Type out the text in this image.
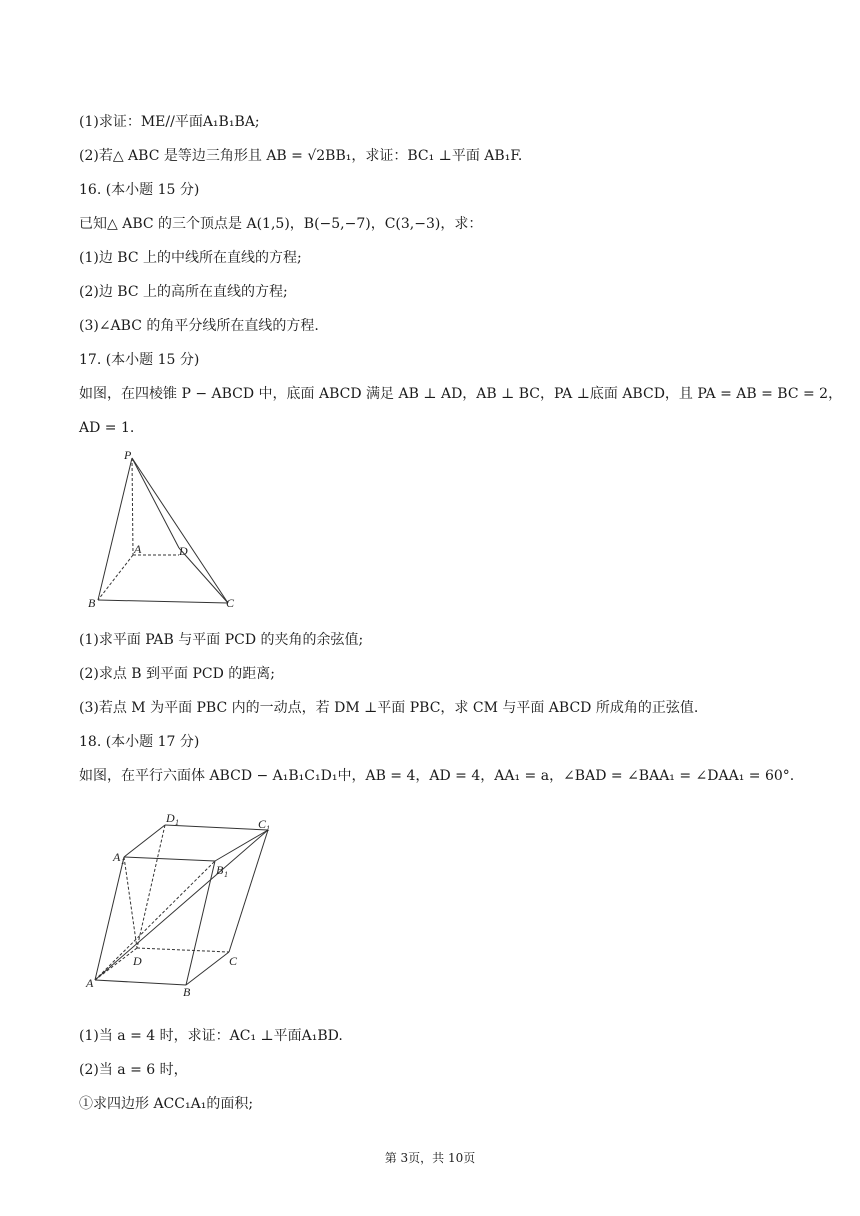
(1)求证：ME//平面A₁B₁BA;
(2)若△ ABC 是等边三角形且 AB = √2BB₁，求证：BC₁ ⊥平面 AB₁F.
16. (本小题 15 分)
已知△ ABC 的三个顶点是 A(1,5)，B(−5,−7)，C(3,−3)，求：
(1)边 BC 上的中线所在直线的方程;
(2)边 BC 上的高所在直线的方程;
(3)∠ABC 的角平分线所在直线的方程.
17. (本小题 15 分)
如图，在四棱锥 P − ABCD 中，底面 ABCD 满足 AB ⊥ AD，AB ⊥ BC，PA ⊥底面 ABCD，且 PA = AB = BC = 2，
AD = 1.
P
A	D
B	C
(1)求平面 PAB 与平面 PCD 的夹角的余弦值;
(2)求点 B 到平面 PCD 的距离;
(3)若点 M 为平面 PBC 内的一动点，若 DM ⊥平面 PBC，求 CM 与平面 ABCD 所成角的正弦值.
18. (本小题 17 分)
如图，在平行六面体 ABCD − A₁B₁C₁D₁中，AB = 4，AD = 4，AA₁ = a，∠BAD = ∠BAA₁ = ∠DAA₁ = 60°.
D 1	C 1
A 1
B 1
D	C
A
B
(1)当 a = 4 时，求证：AC₁ ⊥平面A₁BD.
(2)当 a = 6 时，
①求四边形 ACC₁A₁的面积;
第 3页，共 10页
